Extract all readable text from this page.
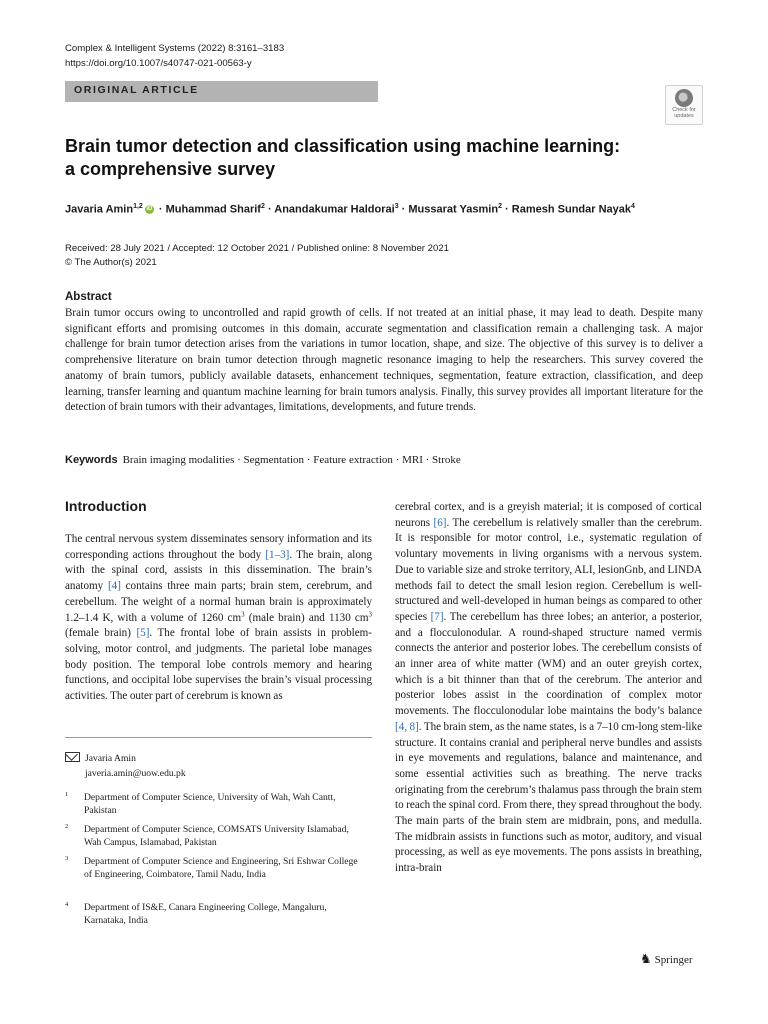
Complex & Intelligent Systems (2022) 8:3161–3183
https://doi.org/10.1007/s40747-021-00563-y
ORIGINAL ARTICLE
Check for
updates
Brain tumor detection and classification using machine learning:
a comprehensive survey
Javaria Amin$^{1,2}$ iD · Muhammad Sharif$^2$ · Anandakumar Haldorai$^3$ · Mussarat Yasmin$^2$ · Ramesh Sundar Nayak$^4$
Received: 28 July 2021 / Accepted: 12 October 2021 / Published online: 8 November 2021
© The Author(s) 2021
Abstract

Brain tumor occurs owing to uncontrolled and rapid growth of cells. If not treated at an initial phase, it may lead to death. Despite many significant efforts and promising outcomes in this domain, accurate segmentation and classification remain a challenging task. A major challenge for brain tumor detection arises from the variations in tumor location, shape, and size. The objective of this survey is to deliver a comprehensive literature on brain tumor detection through magnetic resonance imaging to help the researchers. This survey covered the anatomy of brain tumors, publicly available datasets, enhancement techniques, segmentation, feature extraction, classification, and deep learning, transfer learning and quantum machine learning for brain tumors analysis. Finally, this survey provides all important literature for the detection of brain tumors with their advantages, limitations, developments, and future trends.

Keywords Brain imaging modalities · Segmentation · Feature extraction · MRI · Stroke
Introduction

The central nervous system disseminates sensory information and its corresponding actions throughout the body [1–3]. The brain, along with the spinal cord, assists in this dissemination. The brain’s anatomy [4] contains three main parts; brain stem, cerebrum, and cerebellum. The weight of a normal human brain is approximately 1.2–1.4 K, with a volume of 1260 $cm^3$ (male brain) and 1130 $cm^3$ (female brain) [5]. The frontal lobe of brain assists in problem-solving, motor control, and judgments. The parietal lobe manages body position. The temporal lobe controls memory and hearing functions, and occipital lobe supervises the brain’s visual processing activities. The outer part of cerebrum is known as

cerebral cortex, and is a greyish material; it is composed of cortical neurons [6]. The cerebellum is relatively smaller than the cerebrum. It is responsible for motor control, i.e., systematic regulation of voluntary movements in living organisms with a nervous system. Due to variable size and stroke territory, ALI, lesionGnb, and LINDA methods fail to detect the small lesion region. Cerebellum is well-structured and well-developed in human beings as compared to other species [7]. The cerebellum has three lobes; an anterior, a posterior, and a flocculonodular. A round-shaped structure named vermis connects the anterior and posterior lobes. The cerebellum consists of an inner area of white matter (WM) and an outer greyish cortex, which is a bit thinner than that of the cerebrum. The anterior and posterior lobes assist in the coordination of complex motor movements. The flocculonodular lobe maintains the body’s balance [4, 8]. The brain stem, as the name states, is a 7–10 cm-long stem-like structure. It contains cranial and peripheral nerve bundles and assists in eye movements and regulations, balance and maintenance, and some essential activities such as breathing. The nerve tracks originating from the cerebrum’s thalamus pass through the brain stem to reach the spinal cord. From there, they spread throughout the body. The main parts of the brain stem are midbrain, pons, and medulla. The midbrain assists in functions such as motor, auditory, and visual processing, as well as eye movements. The pons assists in breathing, intra-brain

Javaria Amin
javeria.amin@uow.edu.pk
1 Department of Computer Science, University of Wah, Wah Cantt, Pakistan
2 Department of Computer Science, COMSATS University Islamabad, Wah Campus, Islamabad, Pakistan
3 Department of Computer Science and Engineering, Sri Eshwar College of Engineering, Coimbatore, Tamil Nadu, India
4 Department of IS&E, Canara Engineering College, Mangaluru, Karnataka, India
♞ Springer
